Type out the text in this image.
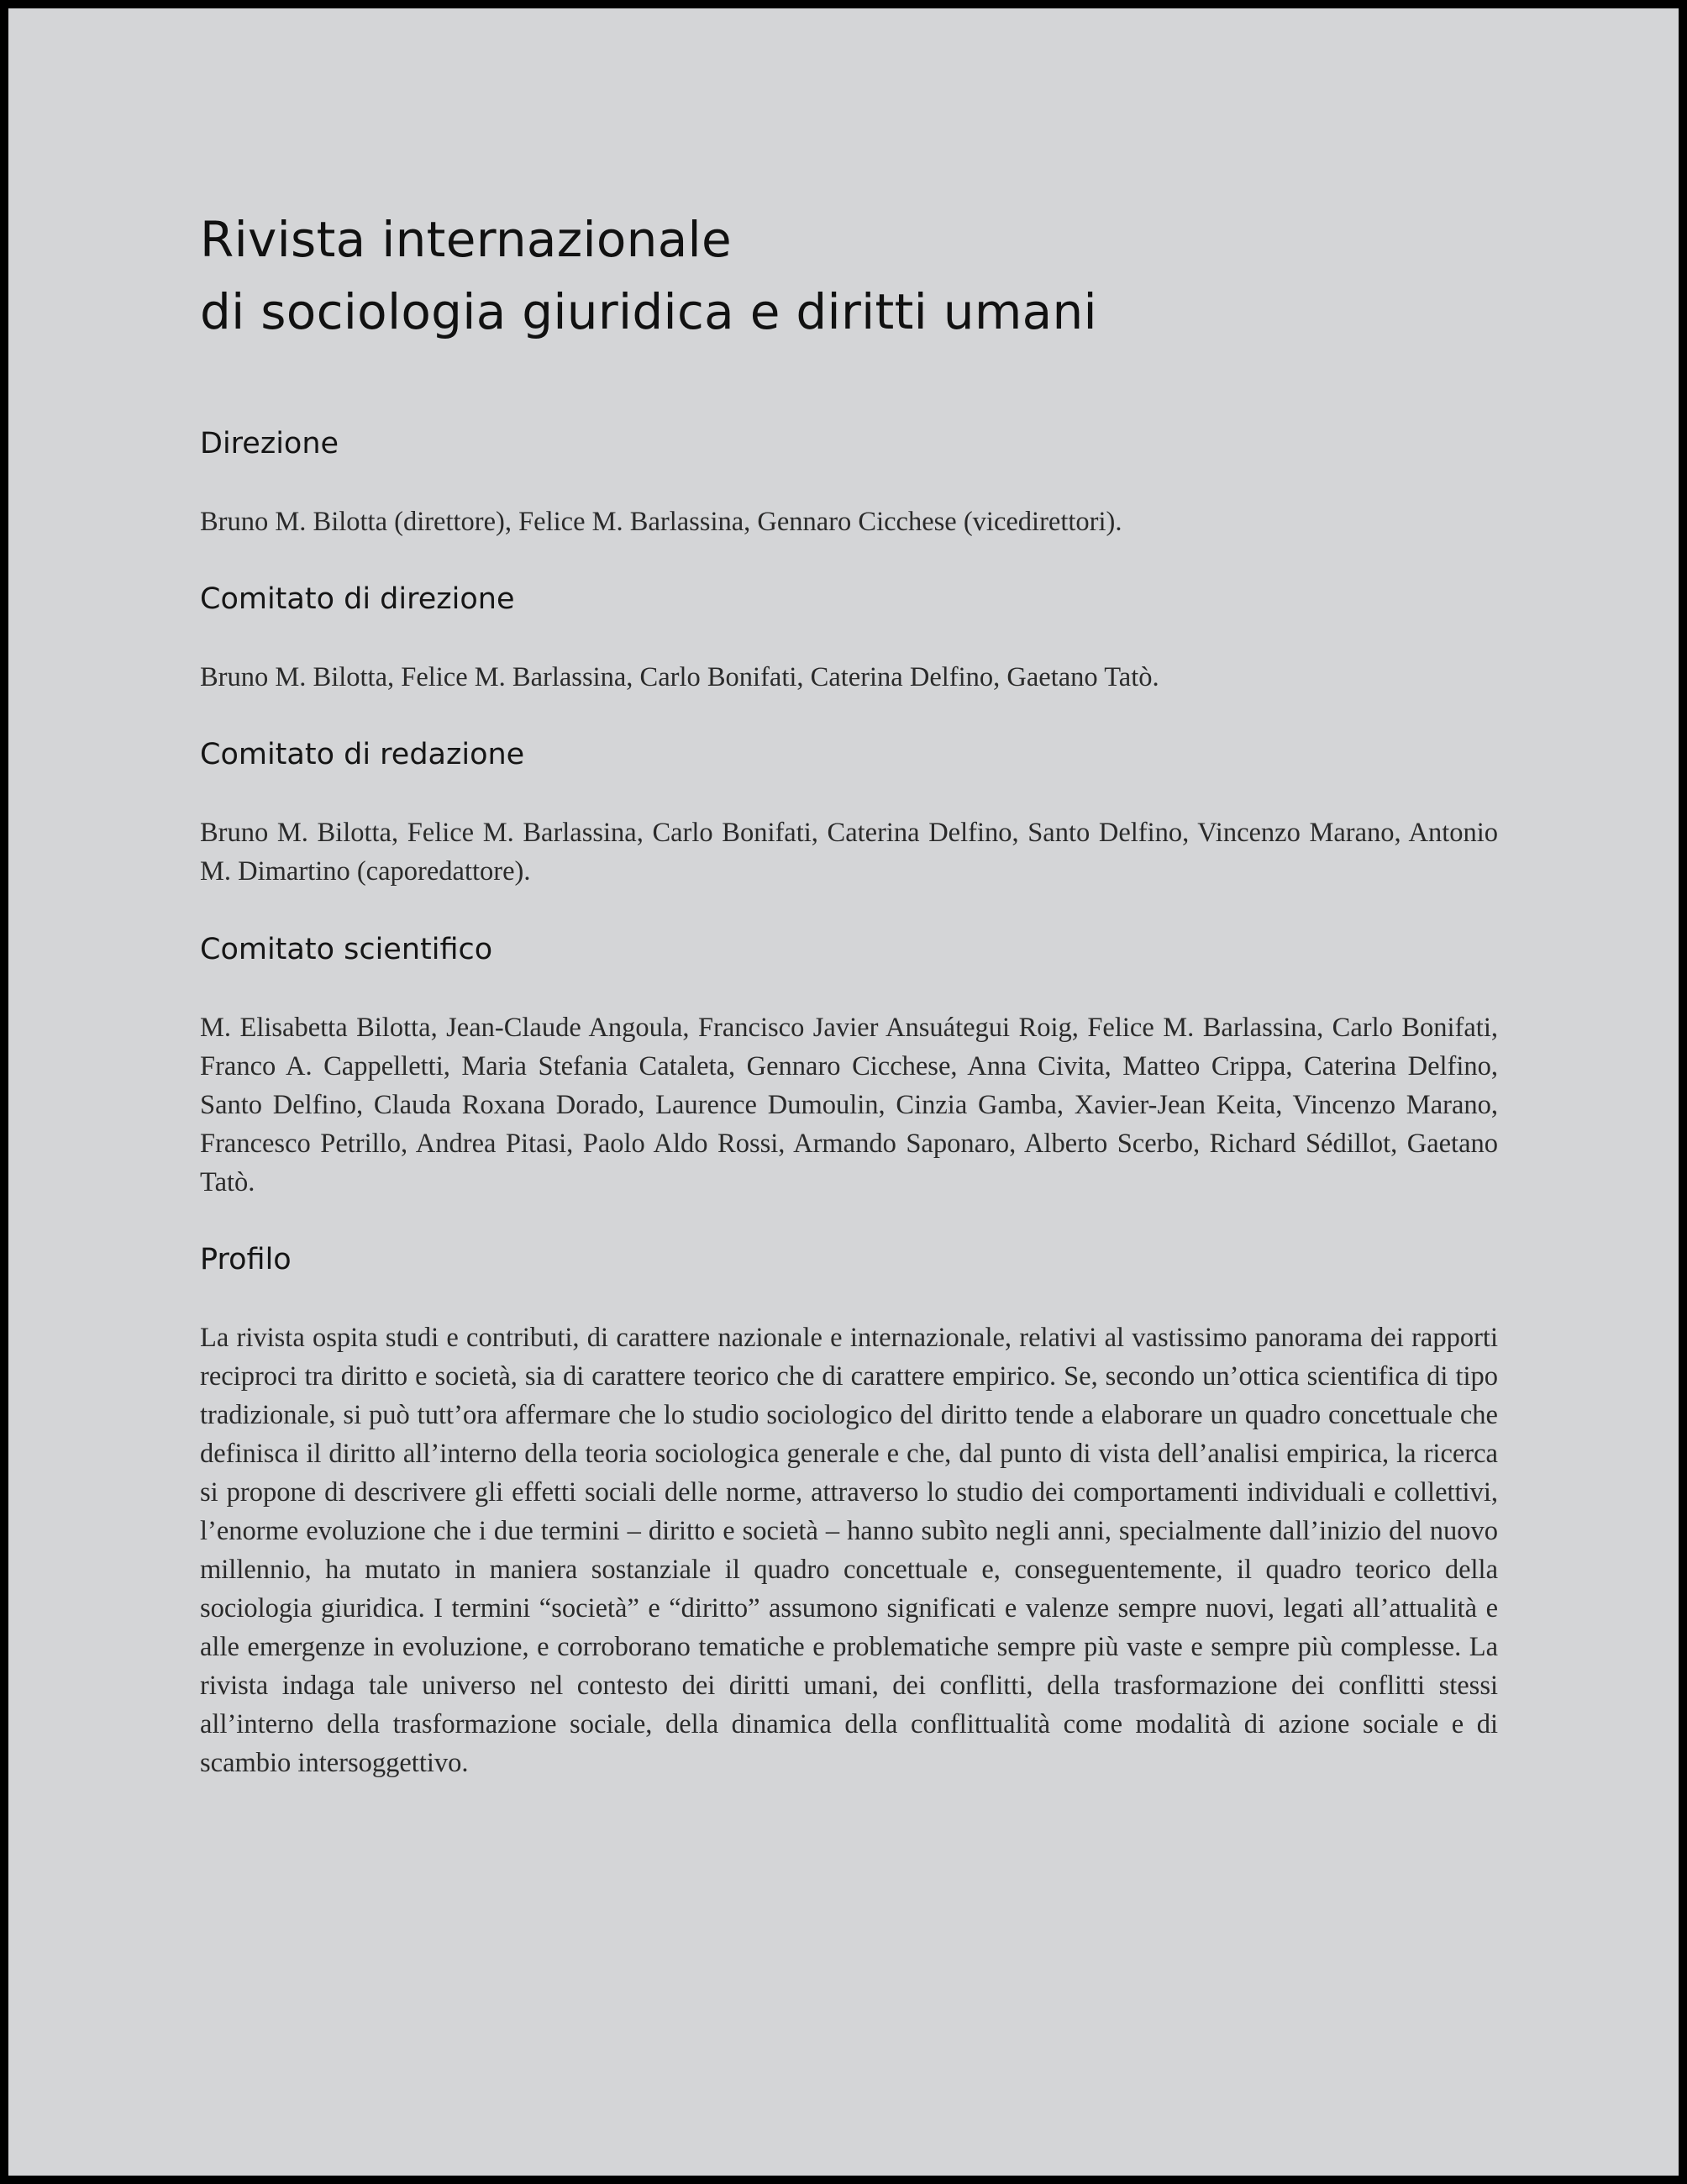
Rivista internazionale
di sociologia giuridica e diritti umani
Direzione

Bruno M. Bilotta (direttore), Felice M. Barlassina, Gennaro Cicchese (vicedirettori).

Comitato di direzione

Bruno M. Bilotta, Felice M. Barlassina, Carlo Bonifati, Caterina Delfino, Gaetano Tatò.

Comitato di redazione

Bruno M. Bilotta, Felice M. Barlassina, Carlo Bonifati, Caterina Delfino, Santo Delfino, Vincenzo Marano, Antonio M. Dimartino (caporedattore).

Comitato scientifico

M. Elisabetta Bilotta, Jean-Claude Angoula, Francisco Javier Ansuátegui Roig, Felice M. Barlassina, Carlo Bonifati, Franco A. Cappelletti, Maria Stefania Cataleta, Gennaro Cicchese, Anna Civita, Matteo Crippa, Caterina Delfino, Santo Delfino, Clauda Roxana Dorado, Laurence Dumoulin, Cinzia Gamba, Xavier-Jean Keita, Vincenzo Marano, Francesco Petrillo, Andrea Pitasi, Paolo Aldo Rossi, Armando Saponaro, Alberto Scerbo, Richard Sédillot, Gaetano Tatò.

Profilo

La rivista ospita studi e contributi, di carattere nazionale e internazionale, relativi al vastissimo panorama dei rapporti reciproci tra diritto e società, sia di carattere teorico che di carattere empirico. Se, secondo un’ottica scientifica di tipo tradizionale, si può tutt’ora affermare che lo studio sociologico del diritto tende a elaborare un quadro concettuale che definisca il diritto all’interno della teoria sociologica generale e che, dal punto di vista dell’analisi empirica, la ricerca si propone di descrivere gli effetti sociali delle norme, attraverso lo studio dei comportamenti individuali e collettivi, l’enorme evoluzione che i due termini – diritto e società – hanno subìto negli anni, specialmente dall’inizio del nuovo millennio, ha mutato in maniera sostanziale il quadro concettuale e, conseguentemente, il quadro teorico della sociologia giuridica. I termini “società” e “diritto” assumono significati e valenze sempre nuovi, legati all’attualità e alle emergenze in evoluzione, e corroborano tematiche e problematiche sempre più vaste e sempre più complesse. La rivista indaga tale universo nel contesto dei diritti umani, dei conflitti, della trasformazione dei conflitti stessi all’interno della trasformazione sociale, della dinamica della conflittualità come modalità di azione sociale e di scambio intersoggettivo.
